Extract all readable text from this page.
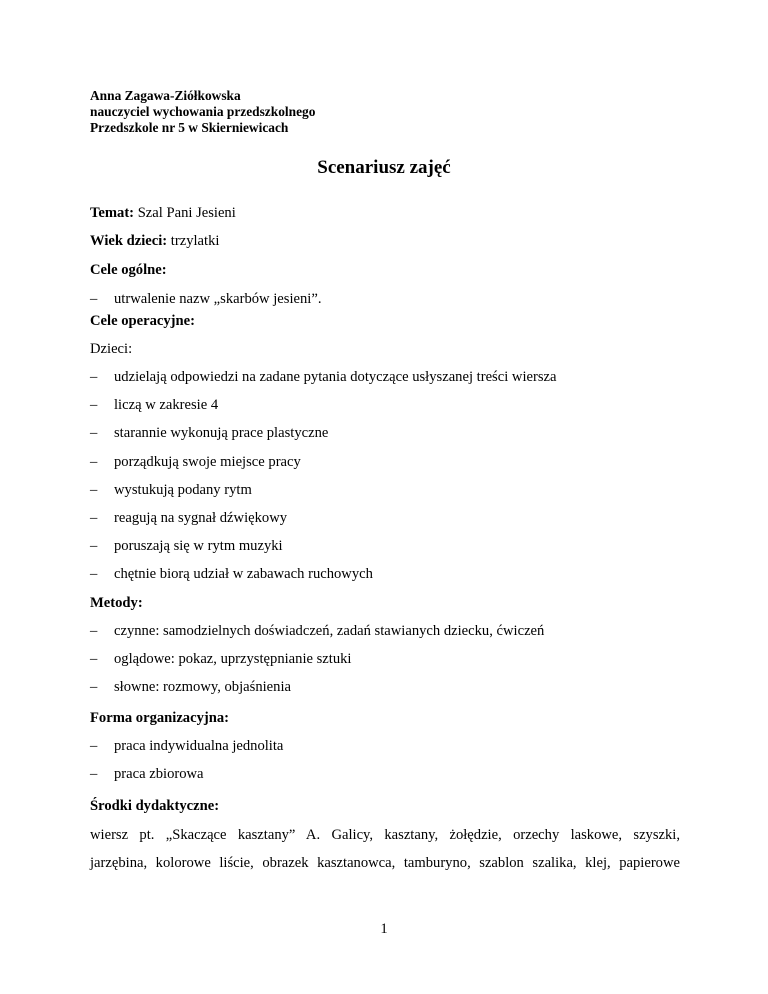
Anna Zagawa-Ziółkowska
nauczyciel wychowania przedszkolnego
Przedszkole nr 5 w Skierniewicach
Scenariusz zajęć
Temat: Szal Pani Jesieni
Wiek dzieci: trzylatki
Cele ogólne:
– utrwalenie nazw „skarbów jesieni”.
Cele operacyjne:
Dzieci:
– udzielają odpowiedzi na zadane pytania dotyczące usłyszanej treści wiersza
– liczą w zakresie 4
– starannie wykonują prace plastyczne
– porządkują swoje miejsce pracy
– wystukują podany rytm
– reagują na sygnał dźwiękowy
– poruszają się w rytm muzyki
– chętnie biorą udział w zabawach ruchowych
Metody:
– czynne: samodzielnych doświadczeń, zadań stawianych dziecku, ćwiczeń
– oglądowe: pokaz, uprzystępnianie sztuki
– słowne: rozmowy, objaśnienia
Forma organizacyjna:
– praca indywidualna jednolita
– praca zbiorowa
Środki dydaktyczne:
wiersz pt. „Skaczące kasztany” A. Galicy, kasztany, żołędzie, orzechy laskowe, szyszki,
jarzębina, kolorowe liście, obrazek kasztanowca, tamburyno, szablon szalika, klej, papierowe
1
